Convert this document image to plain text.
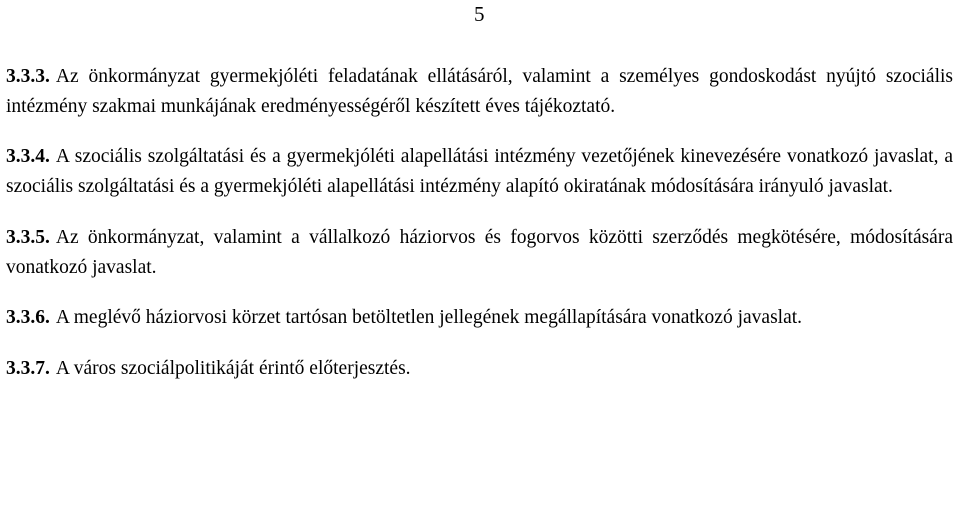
5

3.3.3. Az önkormányzat gyermekjóléti feladatának ellátásáról, valamint a személyes gondoskodást nyújtó szociális intézmény szakmai munkájának eredményességéről készített éves tájékoztató.

3.3.4. A szociális szolgáltatási és a gyermekjóléti alapellátási intézmény vezetőjének kinevezésére vonatkozó javaslat, a szociális szolgáltatási és a gyermekjóléti alapellátási intézmény alapító okiratának módosítására irányuló javaslat.

3.3.5. Az önkormányzat, valamint a vállalkozó háziorvos és fogorvos közötti szerződés megkötésére, módosítására vonatkozó javaslat.

3.3.6. A meglévő háziorvosi körzet tartósan betöltetlen jellegének megállapítására vonatkozó javaslat.

3.3.7. A város szociálpolitikáját érintő előterjesztés.
